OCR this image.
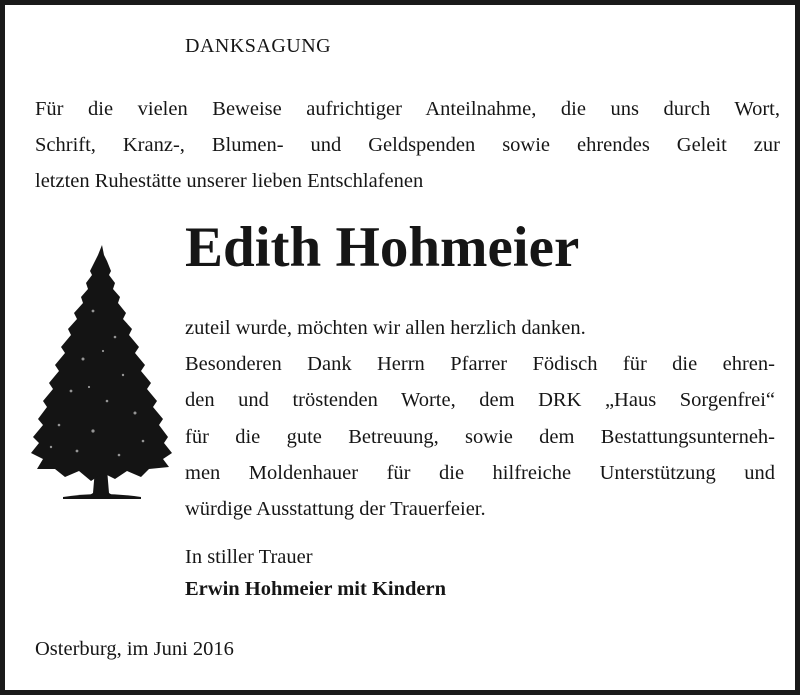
DANKSAGUNG
Für die vielen Beweise aufrichtiger Anteilnahme, die uns durch Wort,
Schrift, Kranz-, Blumen- und Geldspenden sowie ehrendes Geleit zur
letzten Ruhestätte unserer lieben Entschlafenen
Edith Hohmeier
zuteil wurde, möchten wir allen herzlich danken.
Besonderen Dank Herrn Pfarrer Födisch für die ehren-
den und tröstenden Worte, dem DRK „Haus Sorgenfrei“
für die gute Betreuung, sowie dem Bestattungsunterneh-
men Moldenhauer für die hilfreiche Unterstützung und
würdige Ausstattung der Trauerfeier.
In stiller Trauer
Erwin Hohmeier mit Kindern
Osterburg, im Juni 2016
